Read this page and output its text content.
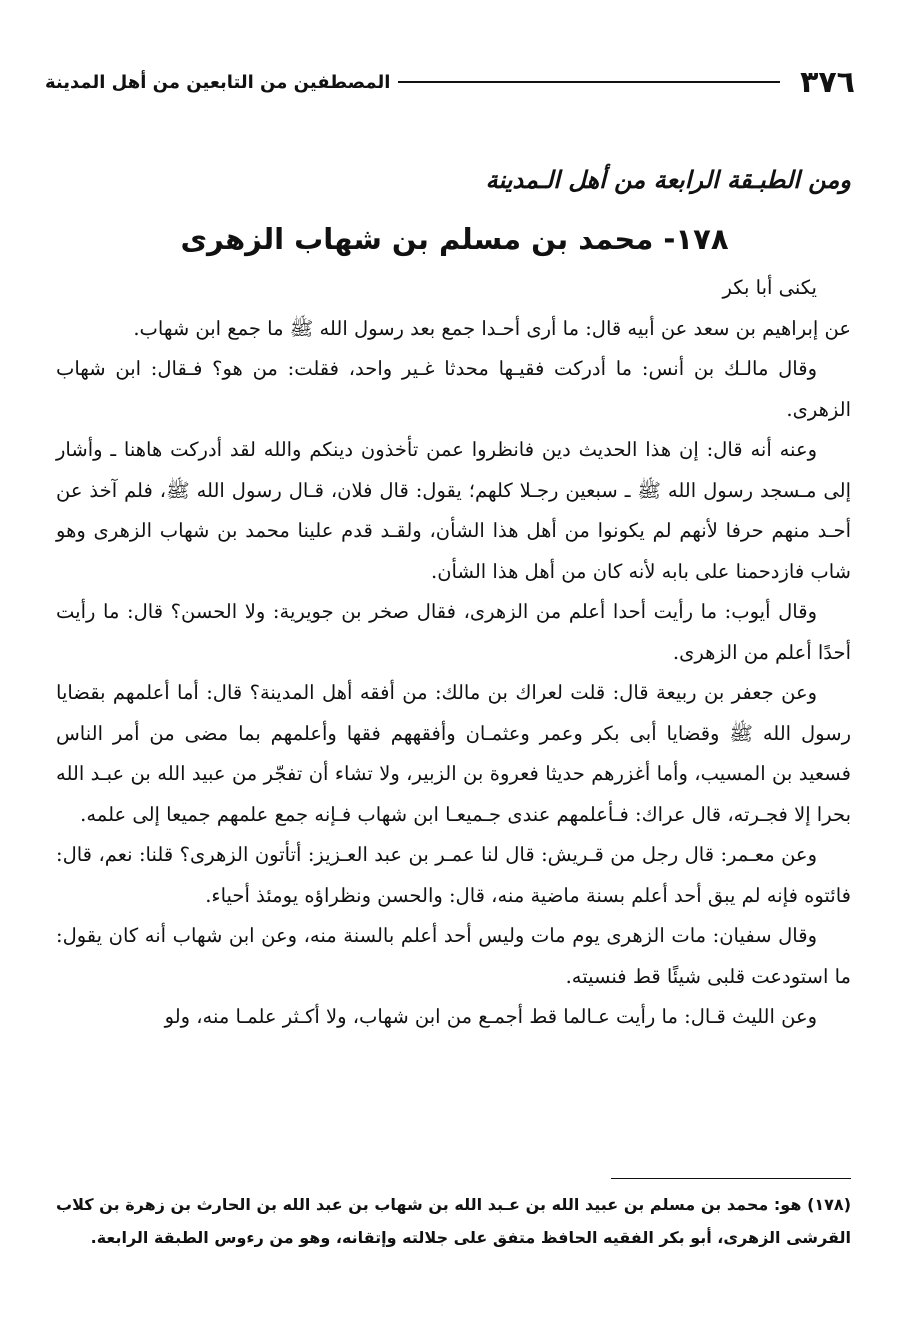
٣٧٦
المصطفين من التابعين من أهل المدينة
ومن الطبـقة الرابعة من أهل الـمدينة
١٧٨- محمد بن مسلم بن شهاب الزهرى

يكنى أبا بكر

عن إبراهيم بن سعد عن أبيه قال: ما أرى أحـدا جمع بعد رسول الله ﷺ ما جمع ابن شهاب.

وقال مالـك بن أنس: ما أدركت فقيـها محدثا غـير واحد، فقلت: من هو؟ فـقال: ابن شهاب الزهرى.

وعنه أنه قال: إن هذا الحديث دين فانظروا عمن تأخذون دينكم والله لقد أدركت هاهنا ـ وأشار إلى مـسجد رسول الله ﷺ ـ سبعين رجـلا كلهم؛ يقول: قال فلان، قـال رسول الله ﷺ، فلم آخذ عن أحـد منهم حرفا لأنهم لم يكونوا من أهل هذا الشأن، ولقـد قدم علينا محمد بن شهاب الزهرى وهو شاب فازدحمنا على بابه لأنه كان من أهل هذا الشأن.

وقال أيوب: ما رأيت أحدا أعلم من الزهرى، فقال صخر بن جويرية: ولا الحسن؟ قال: ما رأيت أحدًا أعلم من الزهرى.

وعن جعفر بن ربيعة قال: قلت لعراك بن مالك: من أفقه أهل المدينة؟ قال: أما أعلمهم بقضايا رسول الله ﷺ وقضايا أبى بكر وعمر وعثمـان وأفقههم فقها وأعلمهم بما مضى من أمر الناس فسعيد بن المسيب، وأما أغزرهم حديثا فعروة بن الزبير، ولا تشاء أن تفجّر من عبيد الله بن عبـد الله بحرا إلا فجـرته، قال عراك: فـأعلمهم عندى جـميعـا ابن شهاب فـإنه جمع علمهم جميعا إلى علمه.

وعن معـمر: قال رجل من قـريش: قال لنا عمـر بن عبد العـزيز: أتأتون الزهرى؟ قلنا: نعم، قال: فائتوه فإنه لم يبق أحد أعلم بسنة ماضية منه، قال: والحسن ونظراؤه يومئذ أحياء.

وقال سفيان: مات الزهرى يوم مات وليس أحد أعلم بالسنة منه، وعن ابن شهاب أنه كان يقول: ما استودعت قلبى شيئًا قط فنسيته.

وعن الليث قـال: ما رأيت عـالما قط أجمـع من ابن شهاب، ولا أكـثر علمـا منه، ولو

(١٧٨) هو: محمد بن مسلم بن عبيد الله بن عـبد الله بن شهاب بن عبد الله بن الحارث بن زهرة بن كلاب القرشى الزهرى، أبو بكر الفقيه الحافظ متفق على جلالته وإتقانه، وهو من رءوس الطبقة الرابعة.
